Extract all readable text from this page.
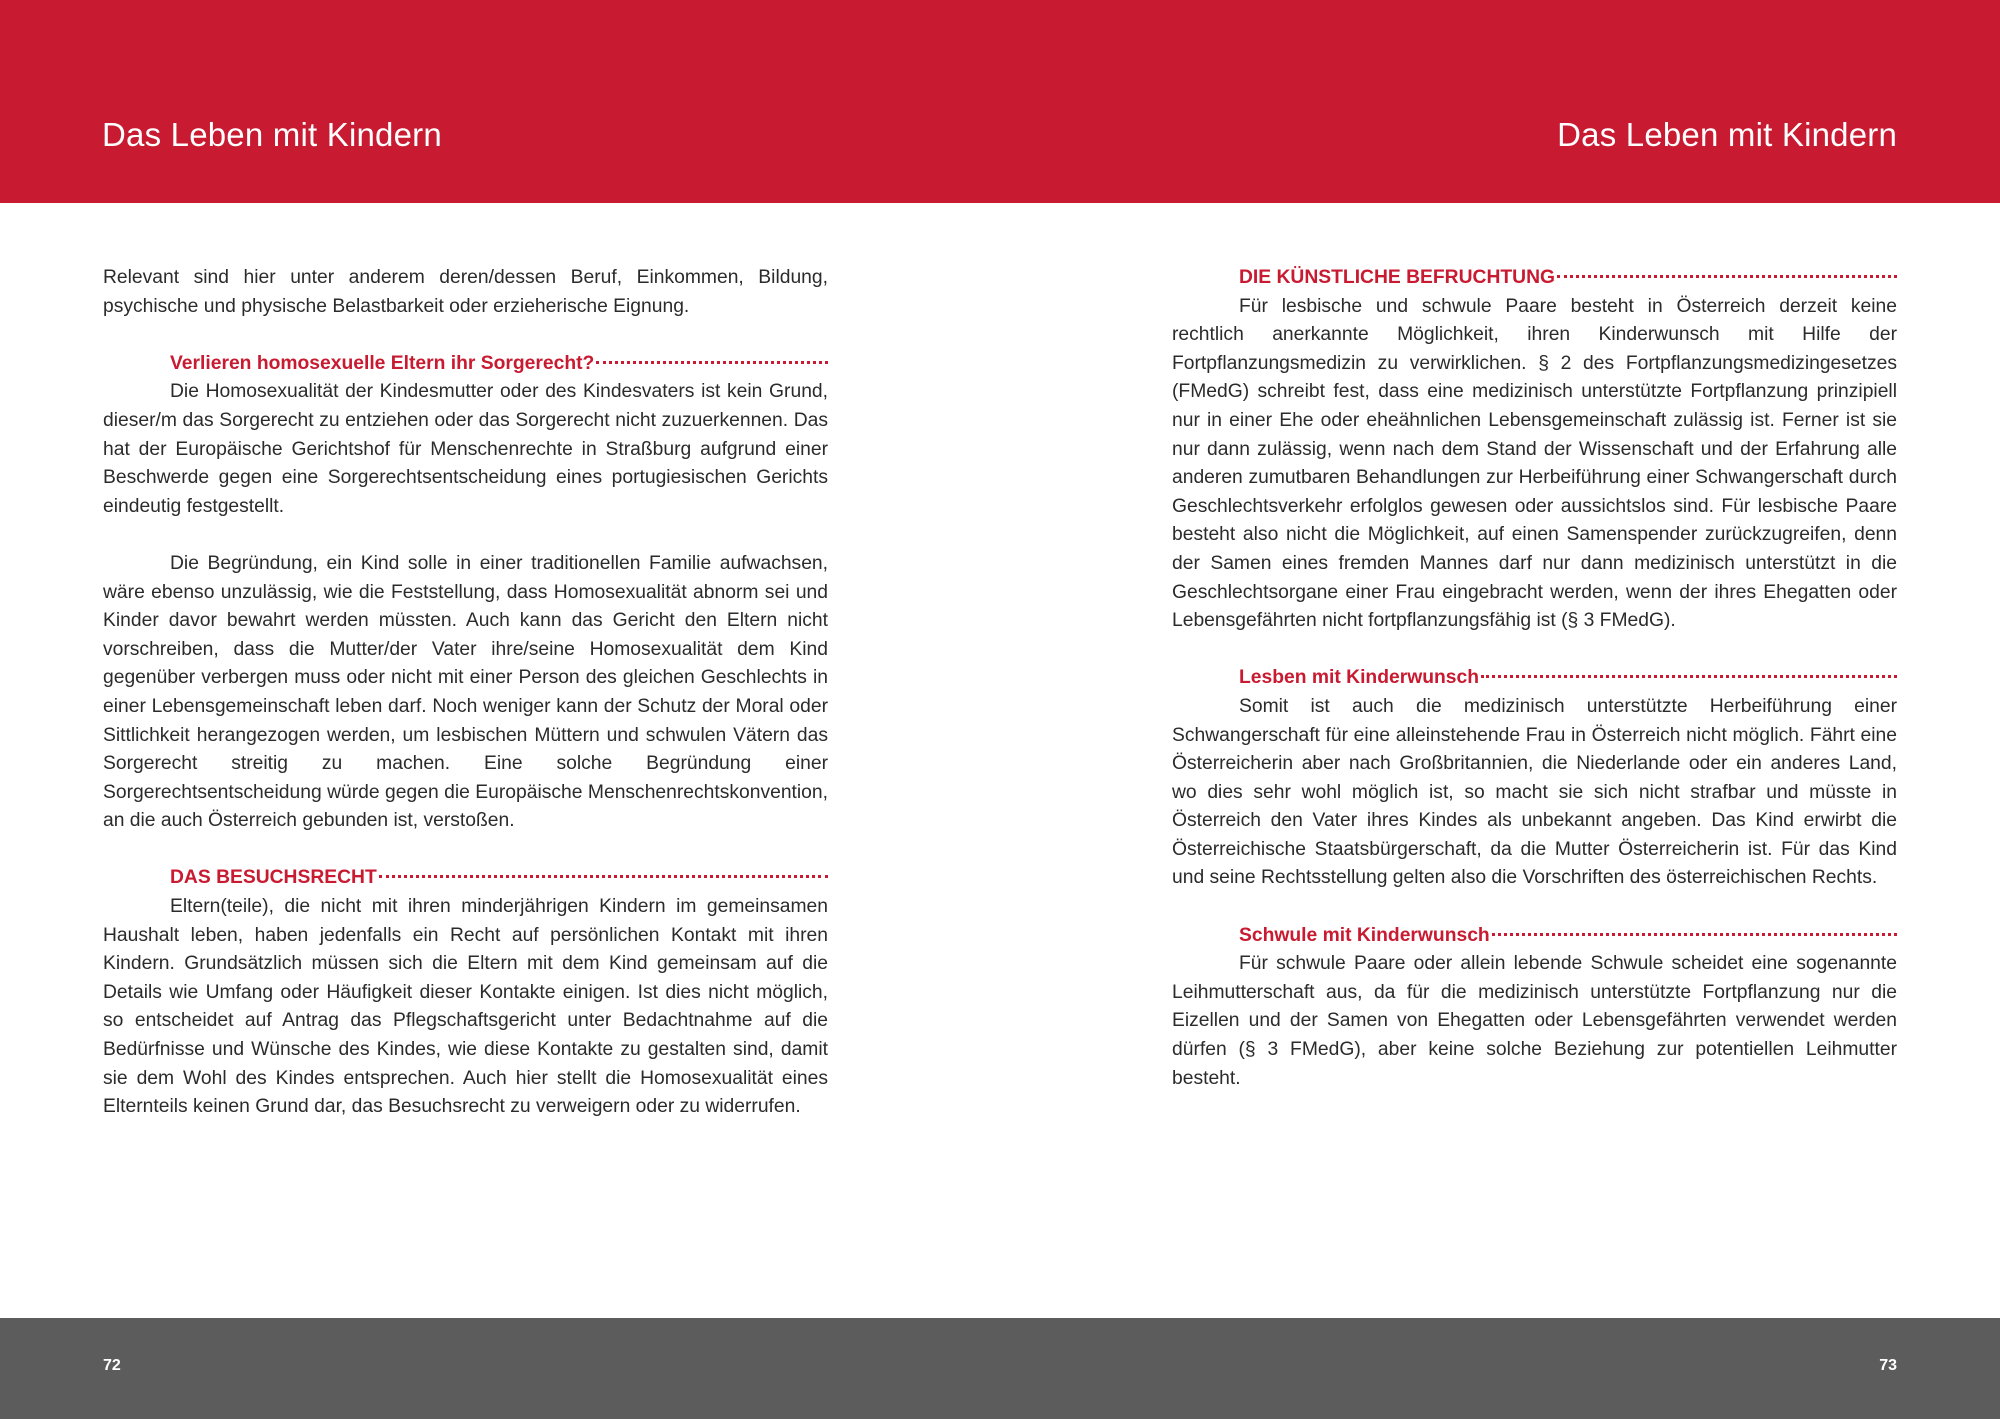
Das Leben mit Kindern	Das Leben mit Kindern

Relevant sind hier unter anderem deren/dessen Beruf, Einkommen, Bildung, psychische und physische Belastbarkeit oder erzieherische Eignung.

Verlieren homosexuelle Eltern ihr Sorgerecht?

Die Homosexualität der Kindesmutter oder des Kindesvaters ist kein Grund, dieser/m das Sorgerecht zu entziehen oder das Sorgerecht nicht zuzuerkennen. Das hat der Europäische Gerichtshof für Menschenrechte in Straßburg aufgrund einer Beschwerde gegen eine Sorgerechtsentscheidung eines portugiesischen Gerichts eindeutig festgestellt.

Die Begründung, ein Kind solle in einer traditionellen Familie aufwachsen, wäre ebenso unzulässig, wie die Feststellung, dass Homosexualität abnorm sei und Kinder davor bewahrt werden müssten. Auch kann das Gericht den Eltern nicht vorschreiben, dass die Mutter/der Vater ihre/seine Homosexualität dem Kind gegenüber verbergen muss oder nicht mit einer Person des gleichen Geschlechts in einer Lebensgemeinschaft leben darf. Noch weniger kann der Schutz der Moral oder Sittlichkeit herangezogen werden, um lesbischen Müttern und schwulen Vätern das Sorgerecht streitig zu machen. Eine solche Begründung einer Sorgerechtsentscheidung würde gegen die Europäische Menschenrechtskonvention, an die auch Österreich gebunden ist, verstoßen.

DAS BESUCHSRECHT

Eltern(teile), die nicht mit ihren minderjährigen Kindern im gemeinsamen Haushalt leben, haben jedenfalls ein Recht auf persönlichen Kontakt mit ihren Kindern. Grundsätzlich müssen sich die Eltern mit dem Kind gemeinsam auf die Details wie Umfang oder Häufigkeit dieser Kontakte einigen. Ist dies nicht möglich, so entscheidet auf Antrag das Pflegschaftsgericht unter Bedachtnahme auf die Bedürfnisse und Wünsche des Kindes, wie diese Kontakte zu gestalten sind, damit sie dem Wohl des Kindes entsprechen. Auch hier stellt die Homosexualität eines Elternteils keinen Grund dar, das Besuchsrecht zu verweigern oder zu widerrufen.

DIE KÜNSTLICHE BEFRUCHTUNG

Für lesbische und schwule Paare besteht in Österreich derzeit keine rechtlich anerkannte Möglichkeit, ihren Kinderwunsch mit Hilfe der Fortpflanzungsmedizin zu verwirklichen. § 2 des Fortpflanzungsmedizingesetzes (FMedG) schreibt fest, dass eine medizinisch unterstützte Fortpflanzung prinzipiell nur in einer Ehe oder eheähnlichen Lebensgemeinschaft zulässig ist. Ferner ist sie nur dann zulässig, wenn nach dem Stand der Wissenschaft und der Erfahrung alle anderen zumutbaren Behandlungen zur Herbeiführung einer Schwangerschaft durch Geschlechtsverkehr erfolglos gewesen oder aussichtslos sind. Für lesbische Paare besteht also nicht die Möglichkeit, auf einen Samenspender zurückzugreifen, denn der Samen eines fremden Mannes darf nur dann medizinisch unterstützt in die Geschlechtsorgane einer Frau eingebracht werden, wenn der ihres Ehegatten oder Lebensgefährten nicht fortpflanzungsfähig ist (§ 3 FMedG).

Lesben mit Kinderwunsch

Somit ist auch die medizinisch unterstützte Herbeiführung einer Schwangerschaft für eine alleinstehende Frau in Österreich nicht möglich. Fährt eine Österreicherin aber nach Großbritannien, die Niederlande oder ein anderes Land, wo dies sehr wohl möglich ist, so macht sie sich nicht strafbar und müsste in Österreich den Vater ihres Kindes als unbekannt angeben. Das Kind erwirbt die Österreichische Staatsbürgerschaft, da die Mutter Österreicherin ist. Für das Kind und seine Rechtsstellung gelten also die Vorschriften des österreichischen Rechts.

Schwule mit Kinderwunsch

Für schwule Paare oder allein lebende Schwule scheidet eine sogenannte Leihmutterschaft aus, da für die medizinisch unterstützte Fortpflanzung nur die Eizellen und der Samen von Ehegatten oder Lebensgefährten verwendet werden dürfen (§ 3 FMedG), aber keine solche Beziehung zur potentiellen Leihmutter besteht.

72	73
